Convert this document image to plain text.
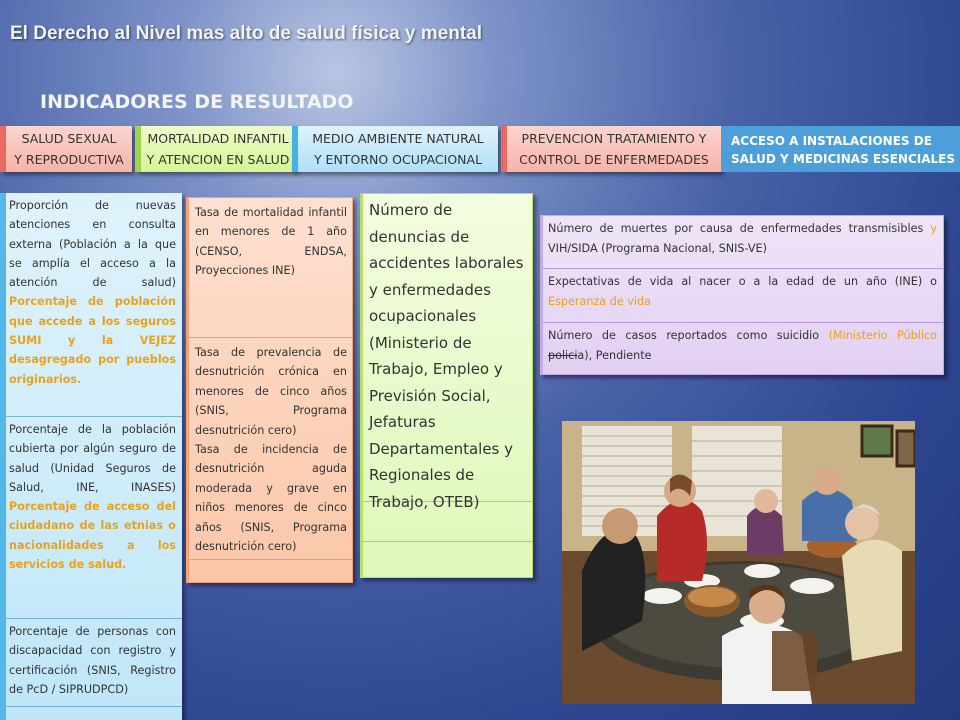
El Derecho al Nivel mas alto de salud física y mental
INDICADORES DE RESULTADO
SALUD SEXUAL
Y REPRODUCTIVA
MORTALIDAD INFANTIL
Y ATENCION EN SALUD
MEDIO AMBIENTE NATURAL
Y ENTORNO OCUPACIONAL
PREVENCION TRATAMIENTO Y
CONTROL DE ENFERMEDADES
ACCESO A INSTALACIONES DE
SALUD Y MEDICINAS ESENCIALES
Proporción de nuevas atenciones en consulta externa (Población a la que se amplía el acceso a la atención de salud) Porcentaje de población que accede a los seguros SUMI y la VEJEZ desagregado por pueblos originarios.
Porcentaje de la población cubierta por algún seguro de salud (Unidad Seguros de Salud, INE, INASES) Porcentaje de acceso del ciudadano de las etnias o nacionalidades a los servicios de salud.
Porcentaje de personas con discapacidad con registro y certificación (SNIS, Registro de PcD / SIPRUDPCD)
Tasa de mortalidad infantil en menores de 1 año (CENSO, ENDSA, Proyecciones INE)
Tasa de prevalencia de desnutrición crónica en menores de cinco años (SNIS, Programa desnutrición cero)
Tasa de incidencia de desnutrición aguda moderada y grave en niños menores de cinco años (SNIS, Programa desnutrición cero)
Número de denuncias de accidentes laborales y enfermedades ocupacionales (Ministerio de Trabajo, Empleo y Previsión Social, Jefaturas Departamentales y Regionales de Trabajo, OTEB)
Número de muertes por causa de enfermedades transmisibles y VIH/SIDA (Programa Nacional, SNIS-VE)
Expectativas de vida al nacer o a la edad de un año (INE) o Esperanza de vida
Número de casos reportados como suicidio (Ministerio Público policia), Pendiente
